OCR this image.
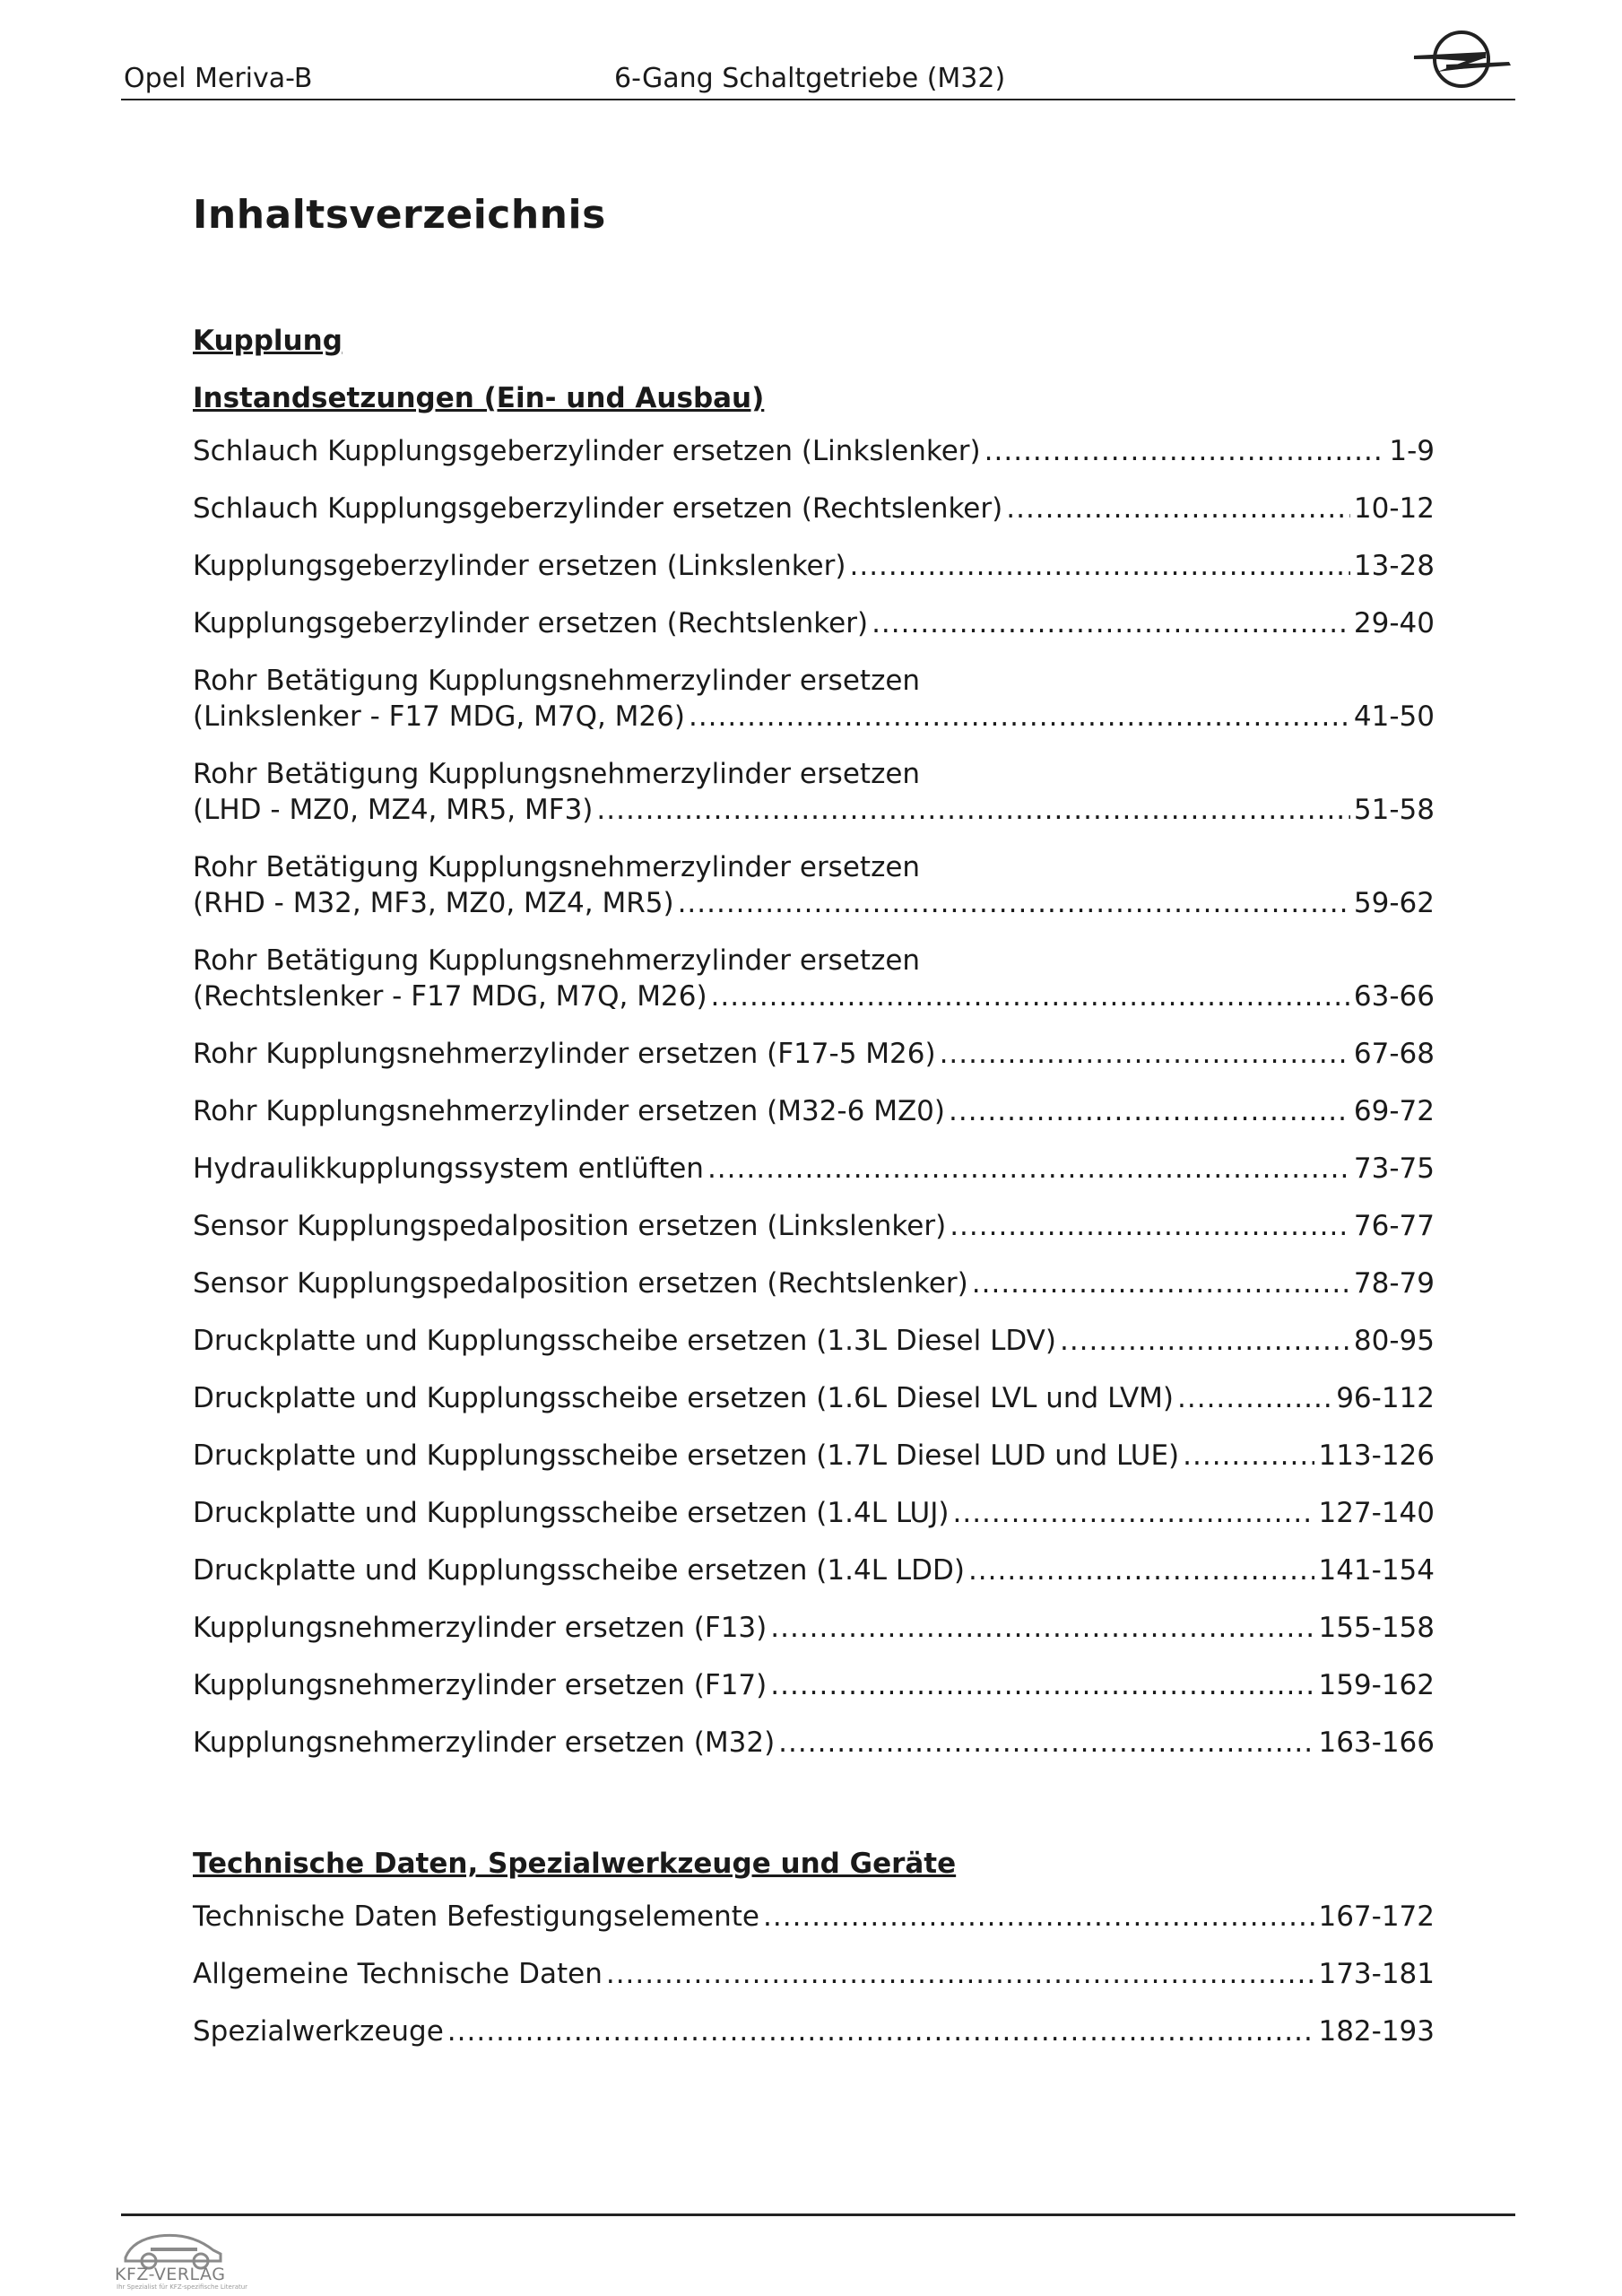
Opel Meriva-B	6-Gang Schaltgetriebe (M32)
Inhaltsverzeichnis
Kupplung
Instandsetzungen (Ein- und Ausbau)
Schlauch Kupplungsgeberzylinder ersetzen (Linkslenker) .....	1-9
Schlauch Kupplungsgeberzylinder ersetzen (Rechtslenker) .....	10-12
Kupplungsgeberzylinder ersetzen (Linkslenker) .....	13-28
Kupplungsgeberzylinder ersetzen (Rechtslenker) .....	29-40
Rohr Betätigung Kupplungsnehmerzylinder ersetzen
(Linkslenker - F17 MDG, M7Q, M26) .....	41-50
Rohr Betätigung Kupplungsnehmerzylinder ersetzen
(LHD - MZ0, MZ4, MR5, MF3) .....	51-58
Rohr Betätigung Kupplungsnehmerzylinder ersetzen
(RHD - M32, MF3, MZ0, MZ4, MR5) .....	59-62
Rohr Betätigung Kupplungsnehmerzylinder ersetzen
(Rechtslenker - F17 MDG, M7Q, M26) .....	63-66
Rohr Kupplungsnehmerzylinder ersetzen (F17-5 M26) .....	67-68
Rohr Kupplungsnehmerzylinder ersetzen (M32-6 MZ0) .....	69-72
Hydraulikkupplungssystem entlüften .....	73-75
Sensor Kupplungspedalposition ersetzen (Linkslenker) .....	76-77
Sensor Kupplungspedalposition ersetzen (Rechtslenker) .....	78-79
Druckplatte und Kupplungsscheibe ersetzen (1.3L Diesel LDV) .....	80-95
Druckplatte und Kupplungsscheibe ersetzen (1.6L Diesel LVL und LVM) .....	96-112
Druckplatte und Kupplungsscheibe ersetzen (1.7L Diesel LUD und LUE) .....	113-126
Druckplatte und Kupplungsscheibe ersetzen (1.4L LUJ) .....	127-140
Druckplatte und Kupplungsscheibe ersetzen (1.4L LDD) .....	141-154
Kupplungsnehmerzylinder ersetzen (F13) .....	155-158
Kupplungsnehmerzylinder ersetzen (F17) .....	159-162
Kupplungsnehmerzylinder ersetzen (M32) .....	163-166
Technische Daten, Spezialwerkzeuge und Geräte
Technische Daten Befestigungselemente .....	167-172
Allgemeine Technische Daten .....	173-181
Spezialwerkzeuge .....	182-193
KFZ-VERLAG
Ihr Spezialist für KFZ-spezifische Literatur
